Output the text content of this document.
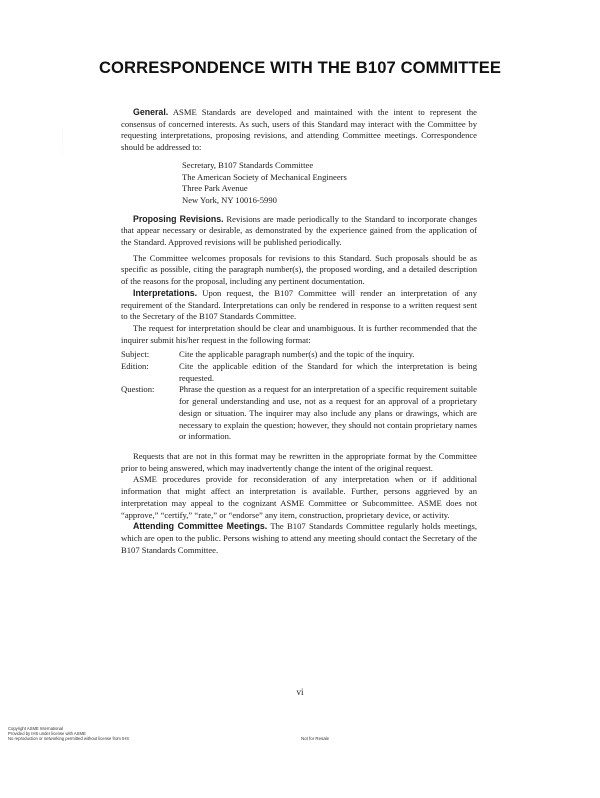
· · · · · · · · · · · ·
CORRESPONDENCE WITH THE B107 COMMITTEE

General. ASME Standards are developed and maintained with the intent to represent the consensus of concerned interests. As such, users of this Standard may interact with the Committee by requesting interpretations, proposing revisions, and attending Committee meetings. Correspondence should be addressed to:

Secretary, B107 Standards Committee
The American Society of Mechanical Engineers
Three Park Avenue
New York, NY 10016-5990

Proposing Revisions. Revisions are made periodically to the Standard to incorporate changes that appear necessary or desirable, as demonstrated by the experience gained from the application of the Standard. Approved revisions will be published periodically.

The Committee welcomes proposals for revisions to this Standard. Such proposals should be as specific as possible, citing the paragraph number(s), the proposed wording, and a detailed description of the reasons for the proposal, including any pertinent documentation.

Interpretations. Upon request, the B107 Committee will render an interpretation of any requirement of the Standard. Interpretations can only be rendered in response to a written request sent to the Secretary of the B107 Standards Committee.

The request for interpretation should be clear and unambiguous. It is further recommended that the inquirer submit his/her request in the following format:

Subject:	Cite the applicable paragraph number(s) and the topic of the inquiry.
Edition:	Cite the applicable edition of the Standard for which the interpretation is being requested.
Question:	Phrase the question as a request for an interpretation of a specific requirement suitable for general understanding and use, not as a request for an approval of a proprietary design or situation. The inquirer may also include any plans or drawings, which are necessary to explain the question; however, they should not contain proprietary names or information.

Requests that are not in this format may be rewritten in the appropriate format by the Committee prior to being answered, which may inadvertently change the intent of the original request.

ASME procedures provide for reconsideration of any interpretation when or if additional information that might affect an interpretation is available. Further, persons aggrieved by an interpretation may appeal to the cognizant ASME Committee or Subcommittee. ASME does not “approve,” “certify,” “rate,” or “endorse” any item, construction, proprietary device, or activity.

Attending Committee Meetings. The B107 Standards Committee regularly holds meetings, which are open to the public. Persons wishing to attend any meeting should contact the Secretary of the B107 Standards Committee.

vi
Copyright ASME International
Provided by IHS under license with ASME
No reproduction or networking permitted without license from IHS	Not for Resale
